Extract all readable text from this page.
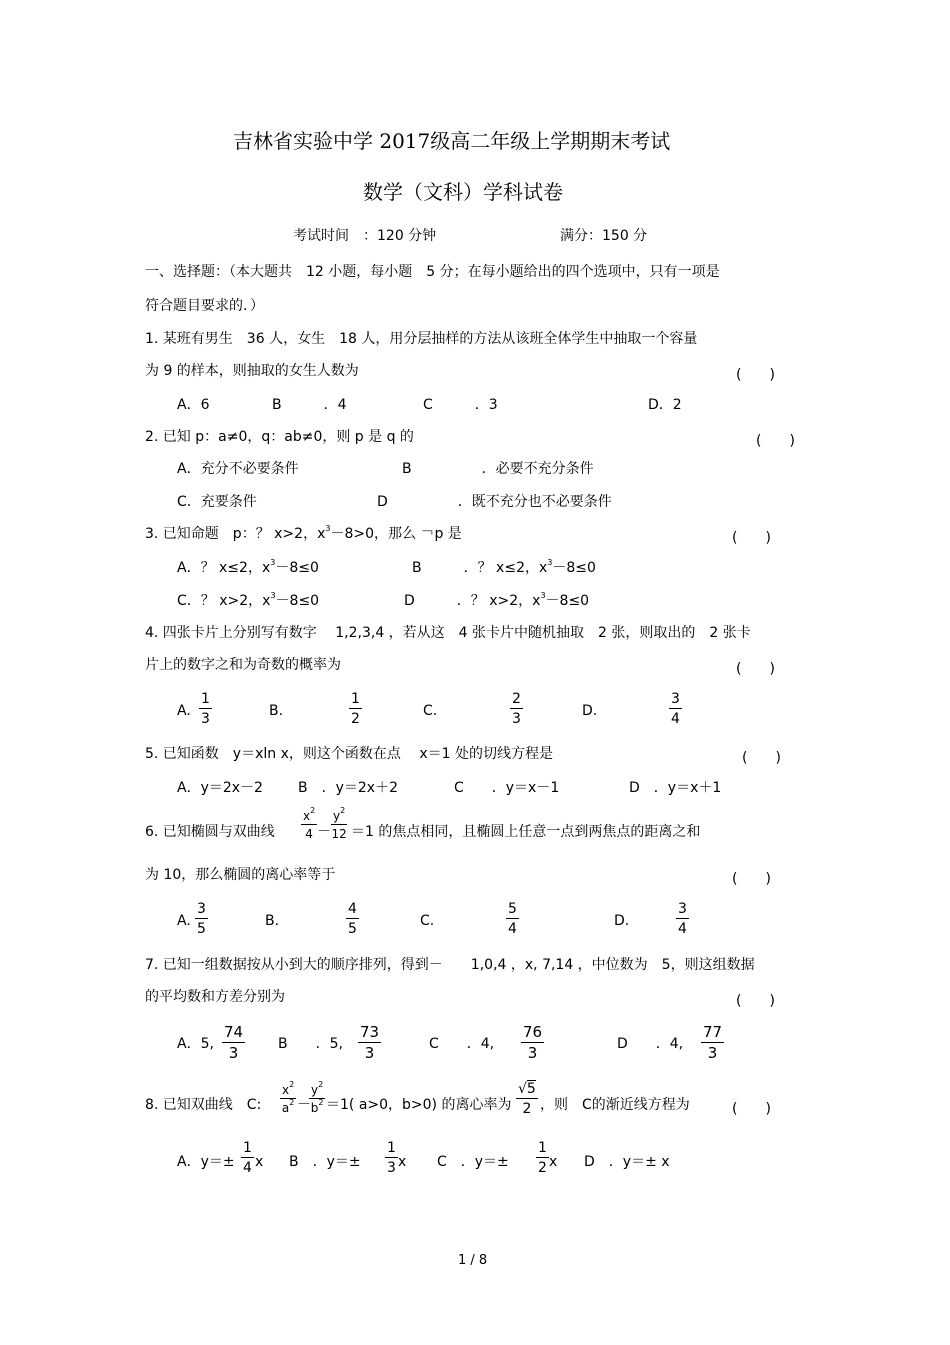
吉林省实验中学 2017级高二年级上学期期末考试
数学（文科）学科试卷
考试时间　：120 分钟	满分：150 分
一、选择题：（本大题共　12 小题，每小题　5 分；在每小题给出的四个选项中，只有一项是
符合题目要求的．）
1. 某班有男生　36 人，女生　18 人，用分层抽样的方法从该班全体学生中抽取一个容量
为 9 的样本，则抽取的女生人数为	(　　)
A．6	B　　　．4	C　　　．3	D．2
2. 已知 p：a≠0，q：ab≠0，则 p 是 q 的	(　　)
A．充分不必要条件	B　　　　　．必要不充分条件
C．充要条件	D　　　　　．既不充分也不必要条件
3. 已知命题　p：？ x>2，$x^3-8>0$，那么 ￢p 是	(　　)
A．？ x≤2，$x^3-8\le 0$	B　　　．？ x≤2，$x^3-8\le 0$
C．？ x>2，$x^3-8\le 0$	D　　　．？ x>2，$x^3-8\le 0$
4. 四张卡片上分别写有数字　 1,2,3,4 ，若从这　4 张卡片中随机抽取　2 张，则取出的　2 张卡
片上的数字之和为奇数的概率为	(　　)
A. $\frac{1}{3}$	B.	$\frac{1}{2}$	C.	$\frac{2}{3}$	D.	$\frac{3}{4}$
5. 已知函数　y＝xln x，则这个函数在点　 x＝1 处的切线方程是	(　　)
A．y＝2x－2	B　．y＝2x＋2	C　　．y＝x－1	D　．y＝x＋1
6. 已知椭圆与双曲线 $\frac{x^2}{4} - \frac{y^2}{12} =1$ 的焦点相同，且椭圆上任意一点到两焦点的距离之和
为 10，那么椭圆的离心率等于	(　　)
A. $\frac{3}{5}$	B.	$\frac{4}{5}$	C.	$\frac{5}{4}$	D.	$\frac{3}{4}$
7. 已知一组数据按从小到大的顺序排列，得到－　　1,0,4 ，x, 7,14 ，中位数为　5，则这组数据
的平均数和方差分别为	(　　)
A．5, $\frac{74}{3}$ B　　．5, $\frac{73}{3}$	C　　．4, $\frac{76}{3}$	D　　．4, $\frac{77}{3}$
8. 已知双曲线　C: $\frac{x^2}{a^2}$ －
$\frac{y^2}{b^2} =1$( a>0，b>0) 的离心率为 $\frac{√5}{2}$ ，则　C的渐近线方程为	(　　)
A．$y=\pm \frac{1}{4}$ x B　．$y=\pm \frac{1}{3}$ x C　．$y=\pm \frac{1}{2}$ x D　．y＝± x
1 / 8
